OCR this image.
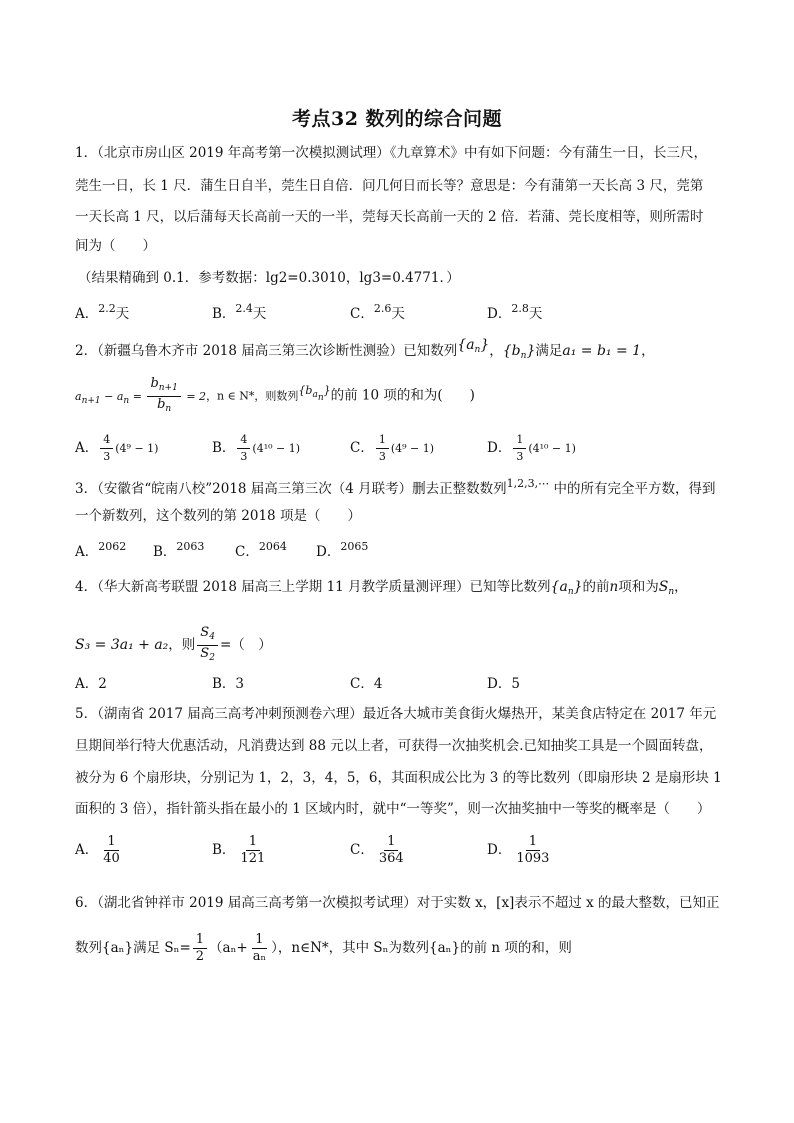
考点32 数列的综合问题
1．（北京市房山区 2019 年高考第一次模拟测试理）《九章算术》中有如下问题：今有蒲生一日，长三尺，
莞生一日，长 1 尺．蒲生日自半，莞生日自倍．问几何日而长等？意思是：今有蒲第一天长高 3 尺，莞第
一天长高 1 尺，以后蒲每天长高前一天的一半，莞每天长高前一天的 2 倍．若蒲、莞长度相等，则所需时
间为（　　）
（结果精确到 0.1．参考数据：lg2=0.3010，lg3=0.4771．）
A．$^{2.2}$天	B．$^{2.4}$天	C．$^{2.6}$天	D．$^{2.8}$天
2．（新疆乌鲁木齐市 2018 届高三第三次诊断性测验）已知数列$\{a_n\}$，$\{b_n\}$满足a₁ = b₁ = 1，
$a_{n+1} - a_n = \frac{b_{n+1}}{b_n} = 2$，n ∈ N*，则数列$^{\{b_{an}\}}$的前 10 项的和为(　　)
A． $\frac{4}{3} (4^9 - 1)$	B． $\frac{4}{3} (4^{10} - 1)$	C． $\frac{1}{3} (4^9 - 1)$	D． $\frac{1}{3} (4^{10} - 1)$
3．（安徽省“皖南八校”2018 届高三第三次（4 月联考）删去正整数数列$^{1,2,3,\cdots}$ 中的所有完全平方数，得到
一个新数列，这个数列的第 2018 项是（　　）
A．$^{2062}$ B．$^{2063}$ C．$^{2064}$ D．$^{2065}$
4．（华大新高考联盟 2018 届高三上学期 11 月教学质量测评理）已知等比数列$\{a_n\}$的前n项和为$S_n$，
S₃ = 3a₁ + a₂，则 $\frac{S_4}{S_2}$ =（　）
A．2	B．3	C．4	D．5
5．（湖南省 2017 届高三高考冲刺预测卷六理）最近各大城市美食街火爆热开，某美食店特定在 2017 年元
旦期间举行特大优惠活动，凡消费达到 88 元以上者，可获得一次抽奖机会.已知抽奖工具是一个圆面转盘，
被分为 6 个扇形块，分别记为 1，2，3，4，5，6，其面积成公比为 3 的等比数列（即扇形块 2 是扇形块 1
面积的 3 倍），指针箭头指在最小的 1 区域内时，就中“一等奖”，则一次抽奖抽中一等奖的概率是（　　）
A． $\frac{1}{40}$	B． $\frac{1}{121}$	C． $\frac{1}{364}$	D． $\frac{1}{1093}$
6．（湖北省钟祥市 2019 届高三高考第一次模拟考试理）对于实数 x，[x]表示不超过 x 的最大整数，已知正
数列{aₙ}满足 $S_n= \frac{1}{2} (a_n+ \frac{1}{\text{aₙ}}$ ），n∈N*，其中 Sₙ为数列{aₙ}的前 n 项的和，则
